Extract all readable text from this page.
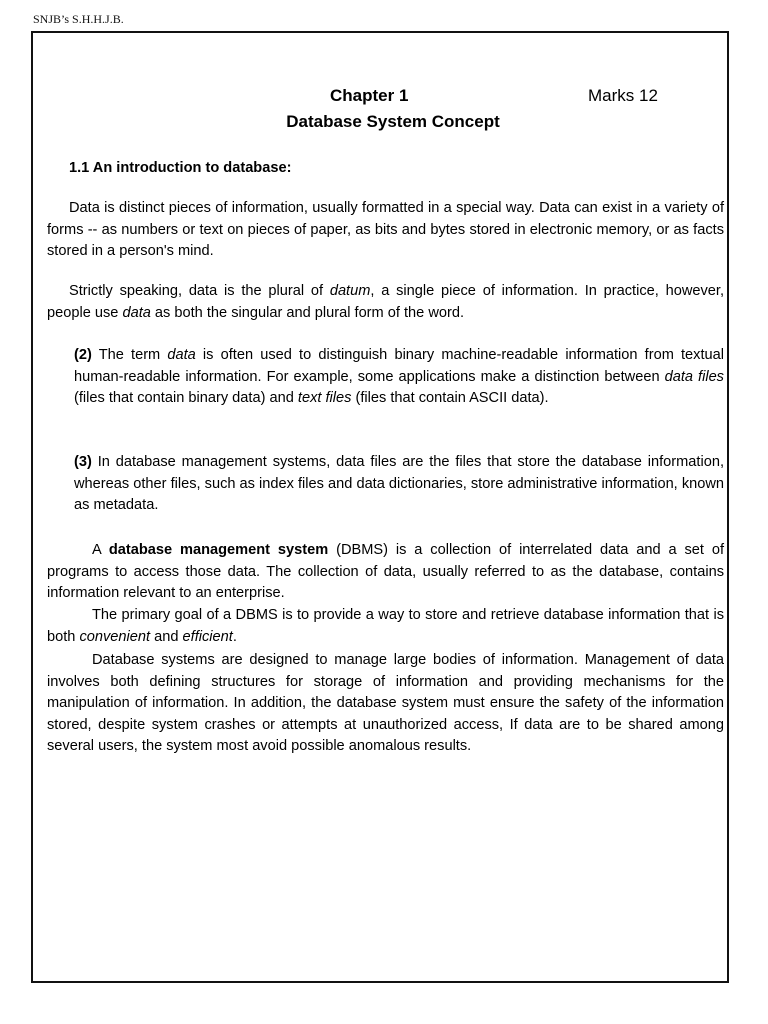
SNJB’s S.H.H.J.B.
Chapter 1	Marks 12
Database System Concept
1.1 An introduction to database:

Data is distinct pieces of information, usually formatted in a special way. Data can exist in a variety of forms -- as numbers or text on pieces of paper, as bits and bytes stored in electronic memory, or as facts stored in a person's mind.

Strictly speaking, data is the plural of datum, a single piece of information. In practice, however, people use data as both the singular and plural form of the word.

(2) The term data is often used to distinguish binary machine-readable information from textual human-readable information. For example, some applications make a distinction between data files (files that contain binary data) and text files (files that contain ASCII data).

(3) In database management systems, data files are the files that store the database information, whereas other files, such as index files and data dictionaries, store administrative information, known as metadata.

A database management system (DBMS) is a collection of interrelated data and a set of programs to access those data. The collection of data, usually referred to as the database, contains information relevant to an enterprise.

The primary goal of a DBMS is to provide a way to store and retrieve database information that is both convenient and efficient.

Database systems are designed to manage large bodies of information. Management of data involves both defining structures for storage of information and providing mechanisms for the manipulation of information. In addition, the database system must ensure the safety of the information stored, despite system crashes or attempts at unauthorized access, If data are to be shared among several users, the system most avoid possible anomalous results.
